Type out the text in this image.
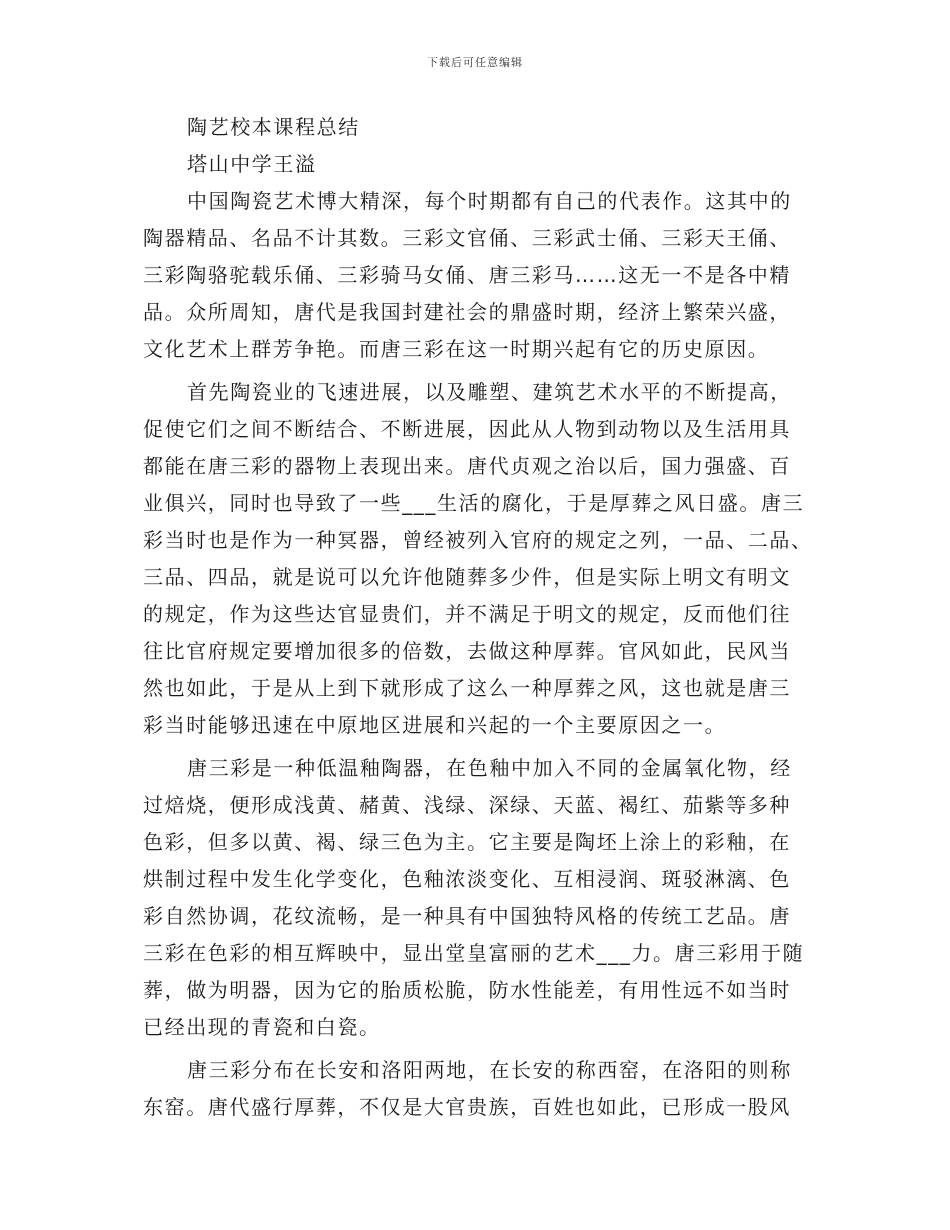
下载后可任意编辑
陶艺校本课程总结
塔山中学王溢
中国陶瓷艺术博大精深，每个时期都有自己的代表作。这其中的
陶器精品、名品不计其数。三彩文官俑、三彩武士俑、三彩天王俑、
三彩陶骆驼载乐俑、三彩骑马女俑、唐三彩马……这无一不是各中精
品。众所周知，唐代是我国封建社会的鼎盛时期，经济上繁荣兴盛，
文化艺术上群芳争艳。而唐三彩在这一时期兴起有它的历史原因。
首先陶瓷业的飞速进展，以及雕塑、建筑艺术水平的不断提高，
促使它们之间不断结合、不断进展，因此从人物到动物以及生活用具
都能在唐三彩的器物上表现出来。唐代贞观之治以后，国力强盛、百
业俱兴，同时也导致了一些___生活的腐化，于是厚葬之风日盛。唐三
彩当时也是作为一种冥器，曾经被列入官府的规定之列，一品、二品、
三品、四品，就是说可以允许他随葬多少件，但是实际上明文有明文
的规定，作为这些达官显贵们，并不满足于明文的规定，反而他们往
往比官府规定要增加很多的倍数，去做这种厚葬。官风如此，民风当
然也如此，于是从上到下就形成了这么一种厚葬之风，这也就是唐三
彩当时能够迅速在中原地区进展和兴起的一个主要原因之一。
唐三彩是一种低温釉陶器，在色釉中加入不同的金属氧化物，经
过焙烧，便形成浅黄、赭黄、浅绿、深绿、天蓝、褐红、茄紫等多种
色彩，但多以黄、褐、绿三色为主。它主要是陶坯上涂上的彩釉，在
烘制过程中发生化学变化，色釉浓淡变化、互相浸润、斑驳淋漓、色
彩自然协调，花纹流畅，是一种具有中国独特风格的传统工艺品。唐
三彩在色彩的相互辉映中，显出堂皇富丽的艺术___力。唐三彩用于随
葬，做为明器，因为它的胎质松脆，防水性能差，有用性远不如当时
已经出现的青瓷和白瓷。
唐三彩分布在长安和洛阳两地，在长安的称西窑，在洛阳的则称
东窑。唐代盛行厚葬，不仅是大官贵族，百姓也如此，已形成一股风
